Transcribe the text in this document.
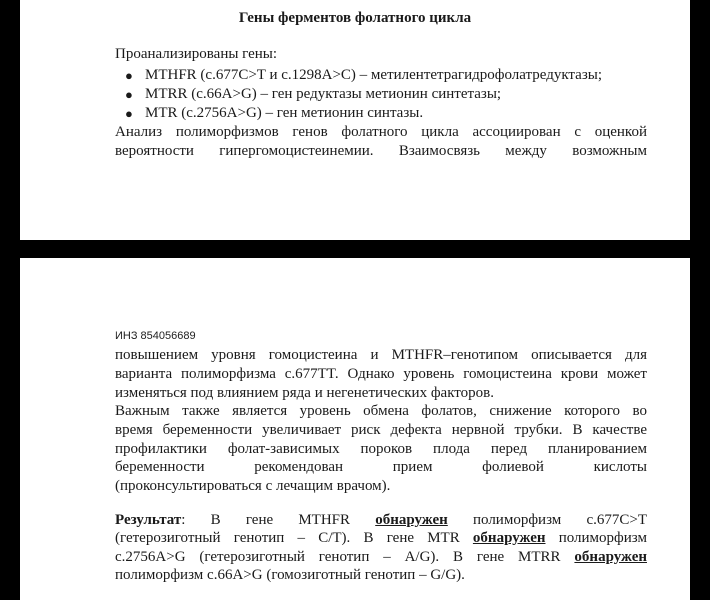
Гены ферментов фолатного цикла
Проанализированы гены:
● MTHFR (c.677C>T и c.1298A>C) – метилентетрагидрофолатредуктазы;
● MTRR (c.66A>G) – ген редуктазы метионин синтетазы;
● MTR (c.2756A>G) – ген метионин синтазы.
Анализ полиморфизмов генов фолатного цикла ассоциирован с оценкой
вероятности гипергомоцистеинемии. Взаимосвязь между возможным
ИНЗ 854056689
повышением уровня гомоцистеина и MTHFR–генотипом описывается для
варианта полиморфизма c.677TT. Однако уровень гомоцистеина крови может
изменяться под влиянием ряда и негенетических факторов.
Важным также является уровень обмена фолатов, снижение которого во
время беременности увеличивает риск дефекта нервной трубки. В качестве
профилактики фолат-зависимых пороков плода перед планированием
беременности рекомендован прием фолиевой кислоты
(проконсультироваться с лечащим врачом).
Результат: В гене MTHFR обнаружен полиморфизм c.677C>T
(гетерозиготный генотип – C/T). В гене MTR обнаружен полиморфизм
c.2756A>G (гетерозиготный генотип – A/G). В гене MTRR обнаружен
полиморфизм c.66A>G (гомозиготный генотип – G/G).
